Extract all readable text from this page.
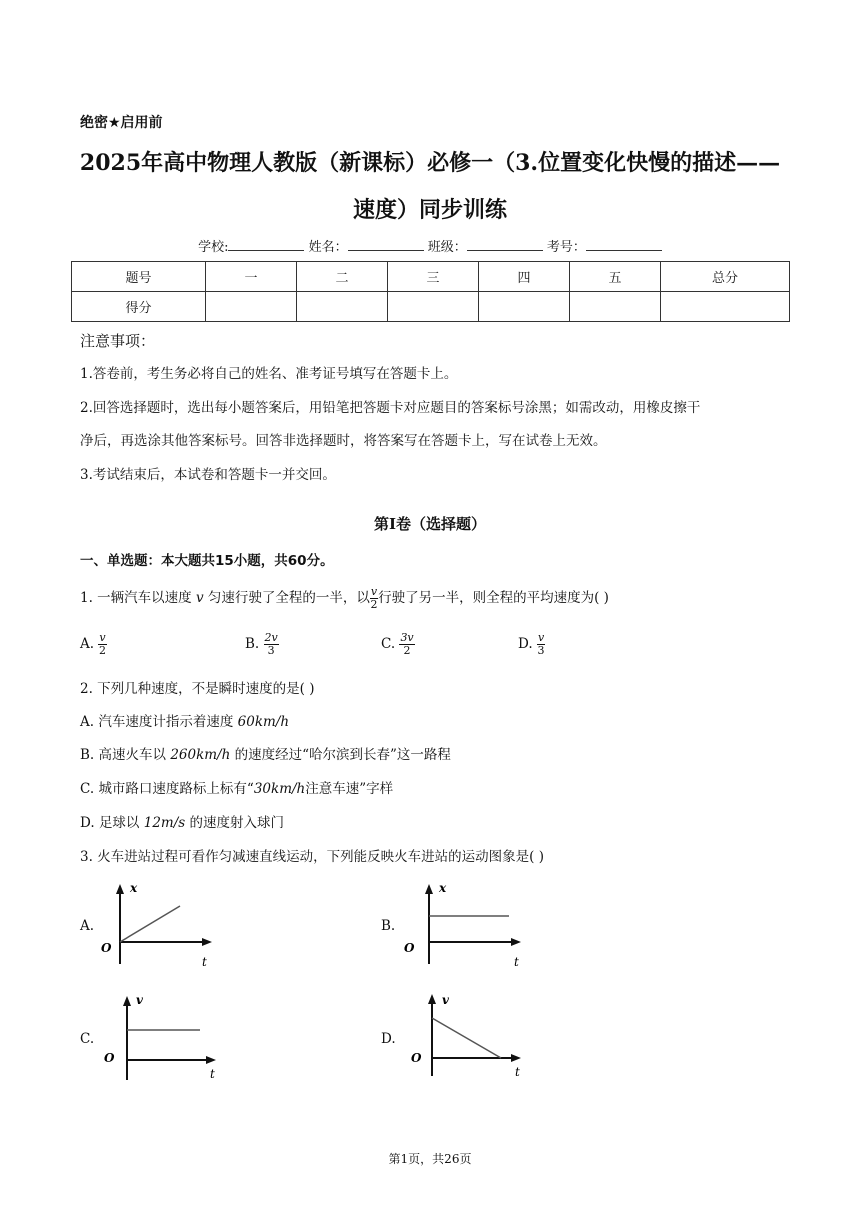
绝密★启用前
2025年高中物理人教版（新课标）必修一（3.位置变化快慢的描述——
速度）同步训练
学校:	姓名：	班级：	考号：
题号	一	二	三	四	五	总分
得分						
注意事项：
1.答卷前，考生务必将自己的姓名、准考证号填写在答题卡上。
2.回答选择题时，选出每小题答案后，用铅笔把答题卡对应题目的答案标号涂黑；如需改动，用橡皮擦干
净后，再选涂其他答案标号。回答非选择题时，将答案写在答题卡上，写在试卷上无效。
3.考试结束后，本试卷和答题卡一并交回。
第I卷（选择题）
一、单选题：本大题共15小题，共60分。
1. 一辆汽车以速度 v 匀速行驶了全程的一半，以 $\frac{v}{2}$ 行驶了另一半，则全程的平均速度为( )
A. $\frac{v}{2}$	B. $\frac{2v}{3}$	C. $\frac{3v}{2}$	D. $\frac{v}{3}$
2. 下列几种速度，不是瞬时速度的是( )
A. 汽车速度计指示着速度 60km/h
B. 高速火车以 260km/h 的速度经过“哈尔滨到长春”这一路程
C. 城市路口速度路标上标有“30km/h注意车速”字样
D. 足球以 12m/s 的速度射入球门
3. 火车进站过程可看作匀减速直线运动，下列能反映火车进站的运动图象是( )
A.
x
O
t
B.
x
O
t
C.
v
O
t
D.
v
O
t
第1页，共26页
